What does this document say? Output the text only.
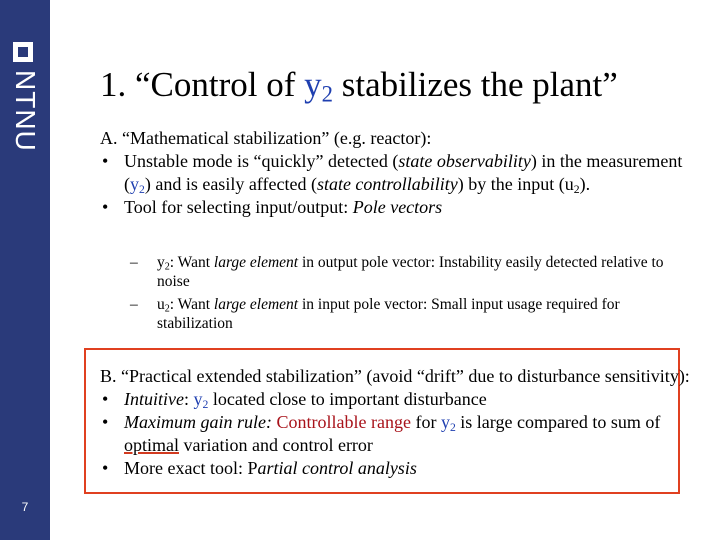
NTNU
7
1. “Control of $y_2$ stabilizes the plant”
A. “Mathematical stabilization” (e.g. reactor):
• Unstable mode is “quickly” detected (state observability) in the measurement $(y_2)$ and is easily affected (state controllability) by the input $(u_2)$.
• Tool for selecting input/output: Pole vectors
– $y_2$: Want large element in output pole vector: Instability easily detected relative to noise
– $u_2$: Want large element in input pole vector: Small input usage required for stabilization
B. “Practical extended stabilization” (avoid “drift” due to disturbance sensitivity):
• Intuitive: $y_2$ located close to important disturbance
• Maximum gain rule: Controllable range for $y_2$ is large compared to sum of optimal variation and control error
• More exact tool: Partial control analysis
